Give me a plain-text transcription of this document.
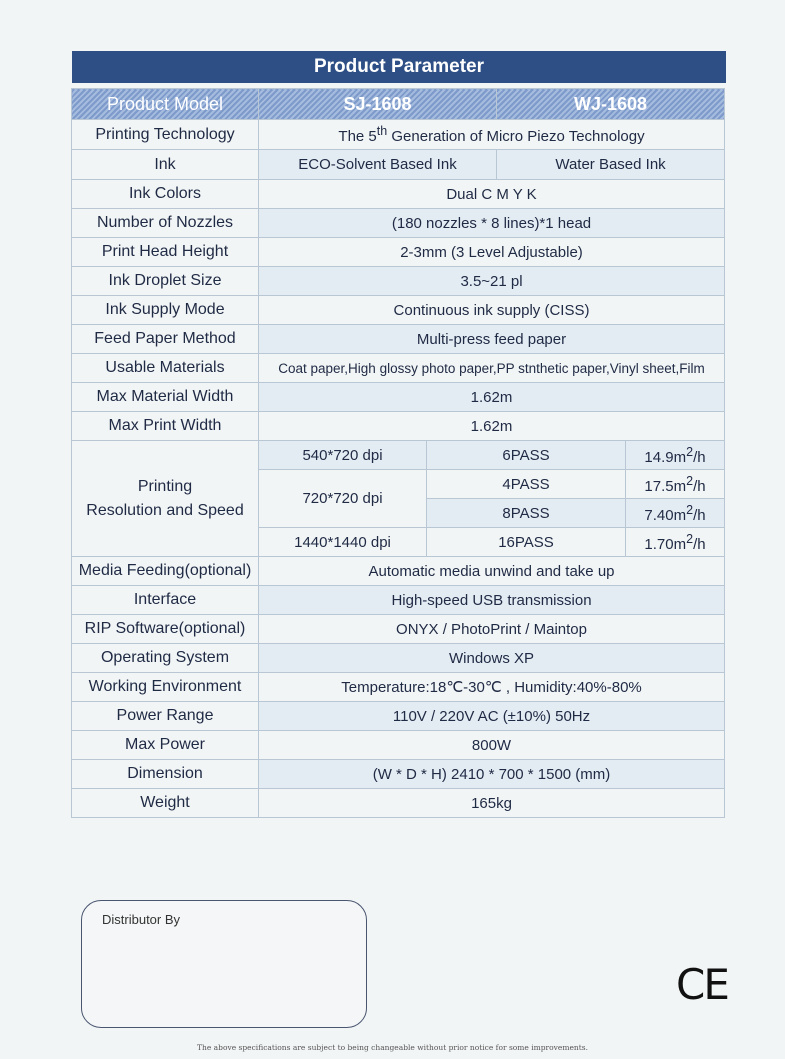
Product Parameter
Product Model	SJ-1608		WJ-1608	
Printing Technology	The 5th Generation of Micro Piezo Technology			
Ink	ECO-Solvent Based Ink		Water Based Ink	
Ink Colors	Dual C M Y K			
Number of Nozzles	(180 nozzles * 8 lines)*1 head			
Print Head Height	2-3mm (3 Level Adjustable)			
Ink Droplet Size	3.5~21 pl			
Ink Supply Mode	Continuous ink supply (CISS)			
Feed Paper Method	Multi-press feed paper			
Usable Materials	Coat paper,High glossy photo paper,PP stnthetic paper,Vinyl sheet,Film			
Max Material Width	1.62m			
Max Print Width	1.62m			
Printing
Resolution and Speed	540*720 dpi	6PASS		$14.9m^2/h$
	720*720 dpi	4PASS		$17.5m^2/h$
		8PASS		$7.40m^2/h$
	1440*1440 dpi	16PASS		$1.70m^2/h$
Media Feeding(optional)	Automatic media unwind and take up			
Interface	High-speed USB transmission			
RIP Software(optional)	ONYX / PhotoPrint / Maintop			
Operating System	Windows XP			
Working Environment	Temperature:18℃-30℃ , Humidity:40%-80%			
Power Range	110V / 220V AC (±10%) 50Hz			
Max Power	800W			
Dimension	(W * D * H) 2410 * 700 * 1500 (mm)			
Weight	165kg			
Distributor By
CE
The above specifications are subject to being changeable without prior notice for some improvements.
